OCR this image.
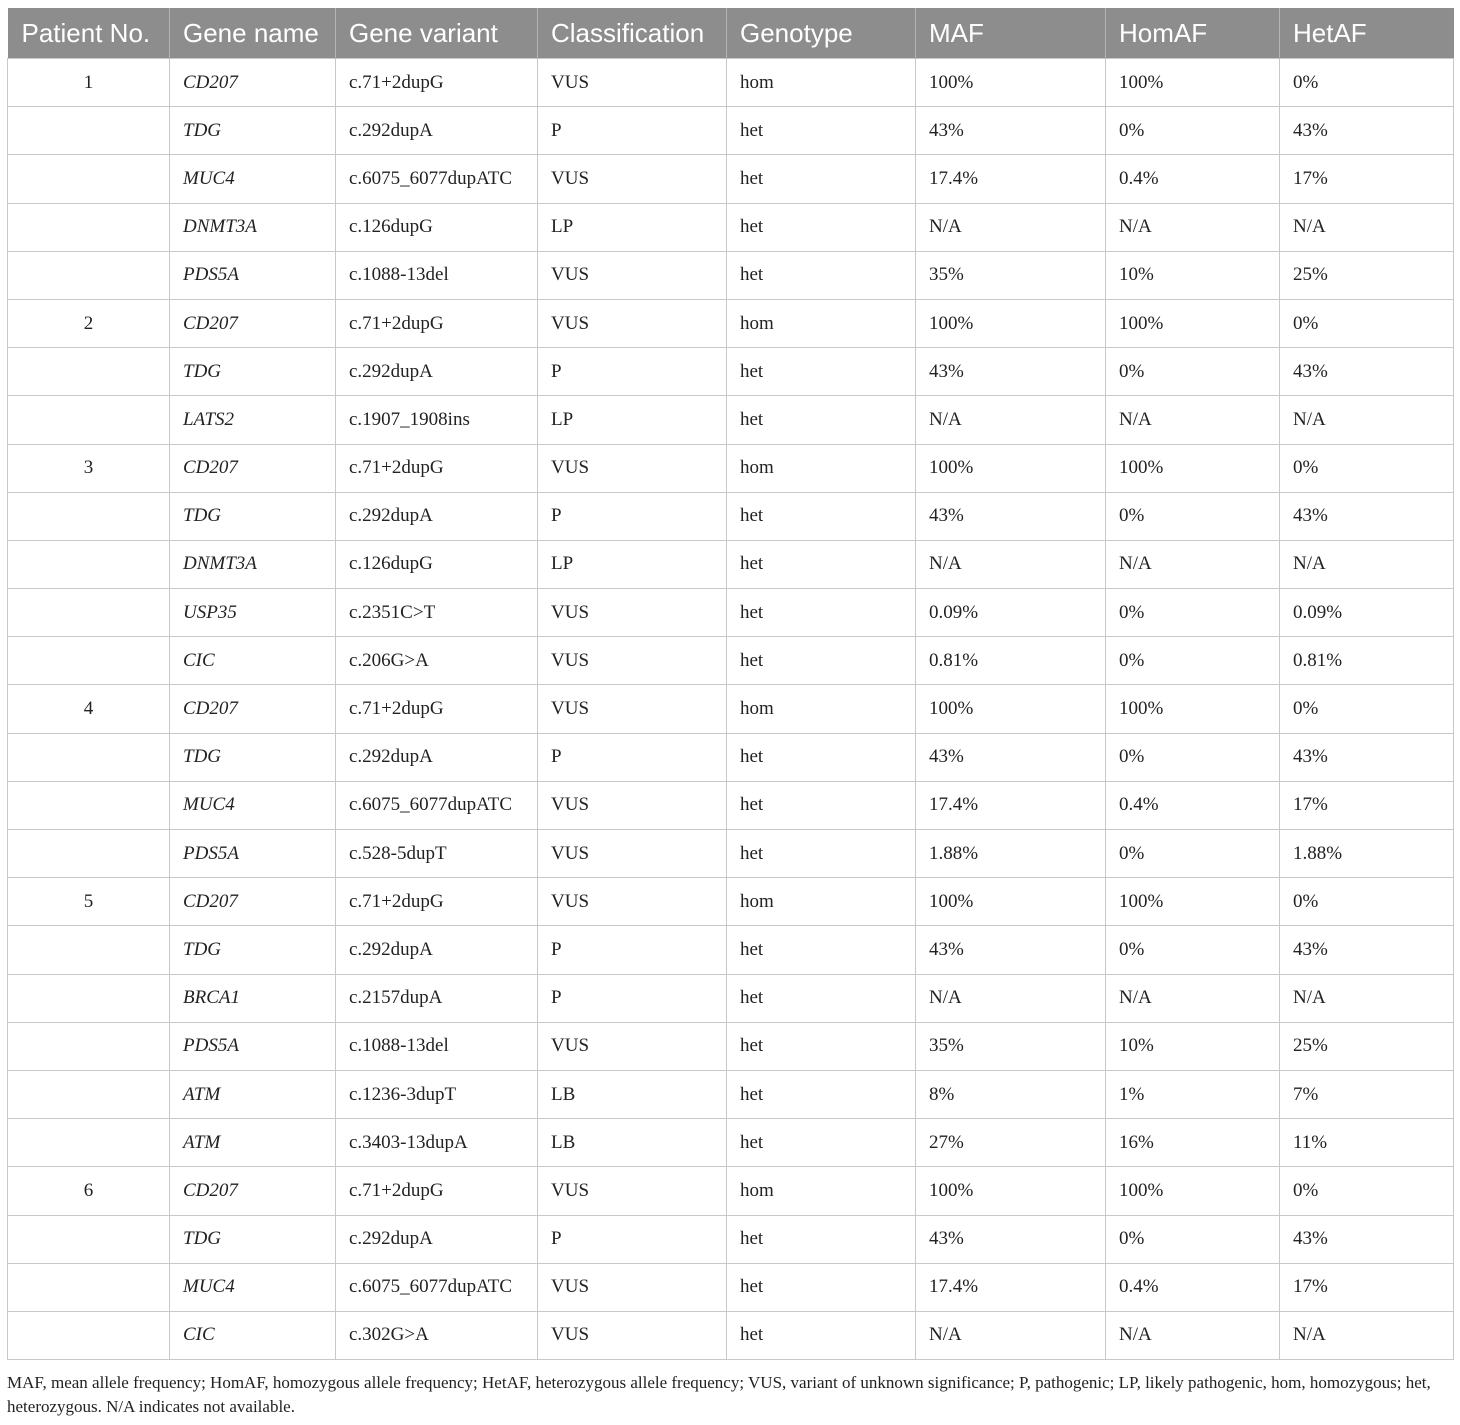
Patient No.	Gene name	Gene variant	Classification	Genotype	MAF	HomAF	HetAF
1	CD207	c.71+2dupG	VUS	hom	100%	100%	0%
	TDG	c.292dupA	P	het	43%	0%	43%
	MUC4	c.6075_6077dupATC	VUS	het	17.4%	0.4%	17%
	DNMT3A	c.126dupG	LP	het	N/A	N/A	N/A
	PDS5A	c.1088-13del	VUS	het	35%	10%	25%
2	CD207	c.71+2dupG	VUS	hom	100%	100%	0%
	TDG	c.292dupA	P	het	43%	0%	43%
	LATS2	c.1907_1908ins	LP	het	N/A	N/A	N/A
3	CD207	c.71+2dupG	VUS	hom	100%	100%	0%
	TDG	c.292dupA	P	het	43%	0%	43%
	DNMT3A	c.126dupG	LP	het	N/A	N/A	N/A
	USP35	c.2351C>T	VUS	het	0.09%	0%	0.09%
	CIC	c.206G>A	VUS	het	0.81%	0%	0.81%
4	CD207	c.71+2dupG	VUS	hom	100%	100%	0%
	TDG	c.292dupA	P	het	43%	0%	43%
	MUC4	c.6075_6077dupATC	VUS	het	17.4%	0.4%	17%
	PDS5A	c.528-5dupT	VUS	het	1.88%	0%	1.88%
5	CD207	c.71+2dupG	VUS	hom	100%	100%	0%
	TDG	c.292dupA	P	het	43%	0%	43%
	BRCA1	c.2157dupA	P	het	N/A	N/A	N/A
	PDS5A	c.1088-13del	VUS	het	35%	10%	25%
	ATM	c.1236-3dupT	LB	het	8%	1%	7%
	ATM	c.3403-13dupA	LB	het	27%	16%	11%
6	CD207	c.71+2dupG	VUS	hom	100%	100%	0%
	TDG	c.292dupA	P	het	43%	0%	43%
	MUC4	c.6075_6077dupATC	VUS	het	17.4%	0.4%	17%
	CIC	c.302G>A	VUS	het	N/A	N/A	N/A

MAF, mean allele frequency; HomAF, homozygous allele frequency; HetAF, heterozygous allele frequency; VUS, variant of unknown significance; P, pathogenic; LP, likely pathogenic, hom, homozygous; het, heterozygous. N/A indicates not available.
